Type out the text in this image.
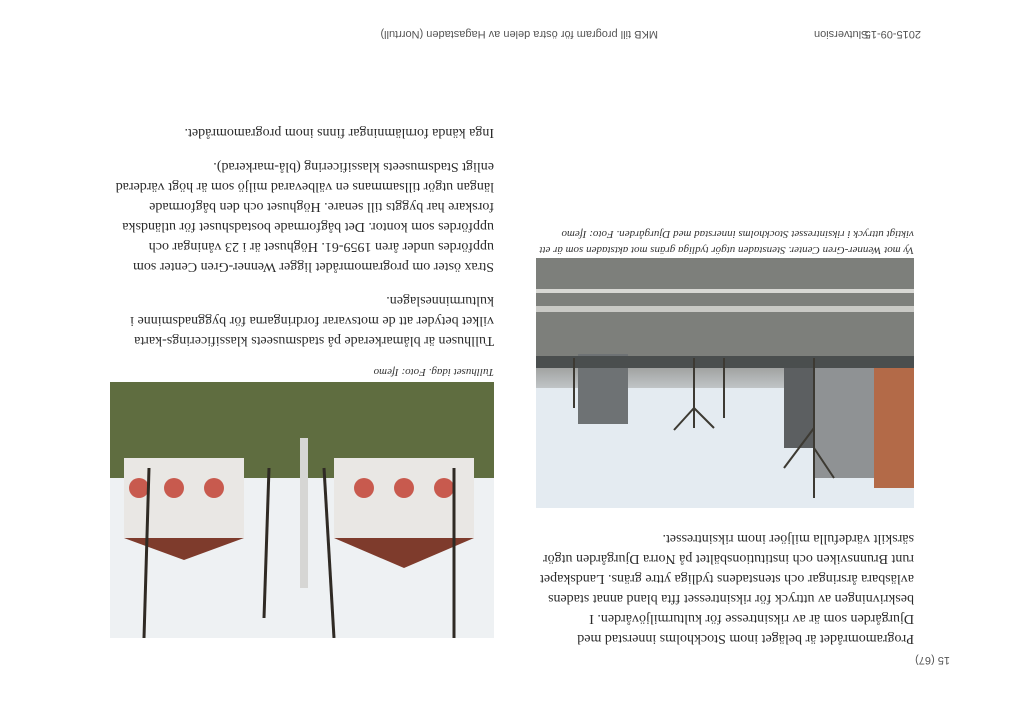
2015-09-15
MKB till program för östra delen av Hagastaden (Norrtull)	Slutversion
15 (67)

Programområdet är beläget inom Stockholms innerstad med Djurgården som är av riksintresse för kulturmiljövården. I beskrivningen av uttryck för riksintresset ffta bland annat stadens avläsbara årsringar och stenstadens tydliga yttre gräns. Landskapet runt Brunnsviken och institutionsbältet på Norra Djurgården utgör särskilt värdefulla miljöer inom riksintresset.

Vy mot Wenner-Gren Center. Stenstaden utgör tydliga gräns mot aktstaden som är ett viktigt uttryck i riksintresset Stockholms innerstad med Djurgården. Foto: Ifemo

Tullhuset idag. Foto: Ifemo

Tullhusen är blåmarkerade på stadsmuseets klassificerings-karta vilket betyder att de motsvarar fordringarna för byggnadsminne i kulturminneslagen.

Strax öster om programområdet ligger Wenner-Gren Center som uppfördes under åren 1959-61. Höghuset är i 23 våningar och uppfördes som kontor. Det bågformade bostadshuset för utländska forskare har byggts till senare. Höghuset och den bågformade längan utgör tillsammans en välbevarad miljö som är högt värderad enligt Stadsmuseets klassificering (blå-markerad).

Inga kända fornlämningar finns inom programområdet.
